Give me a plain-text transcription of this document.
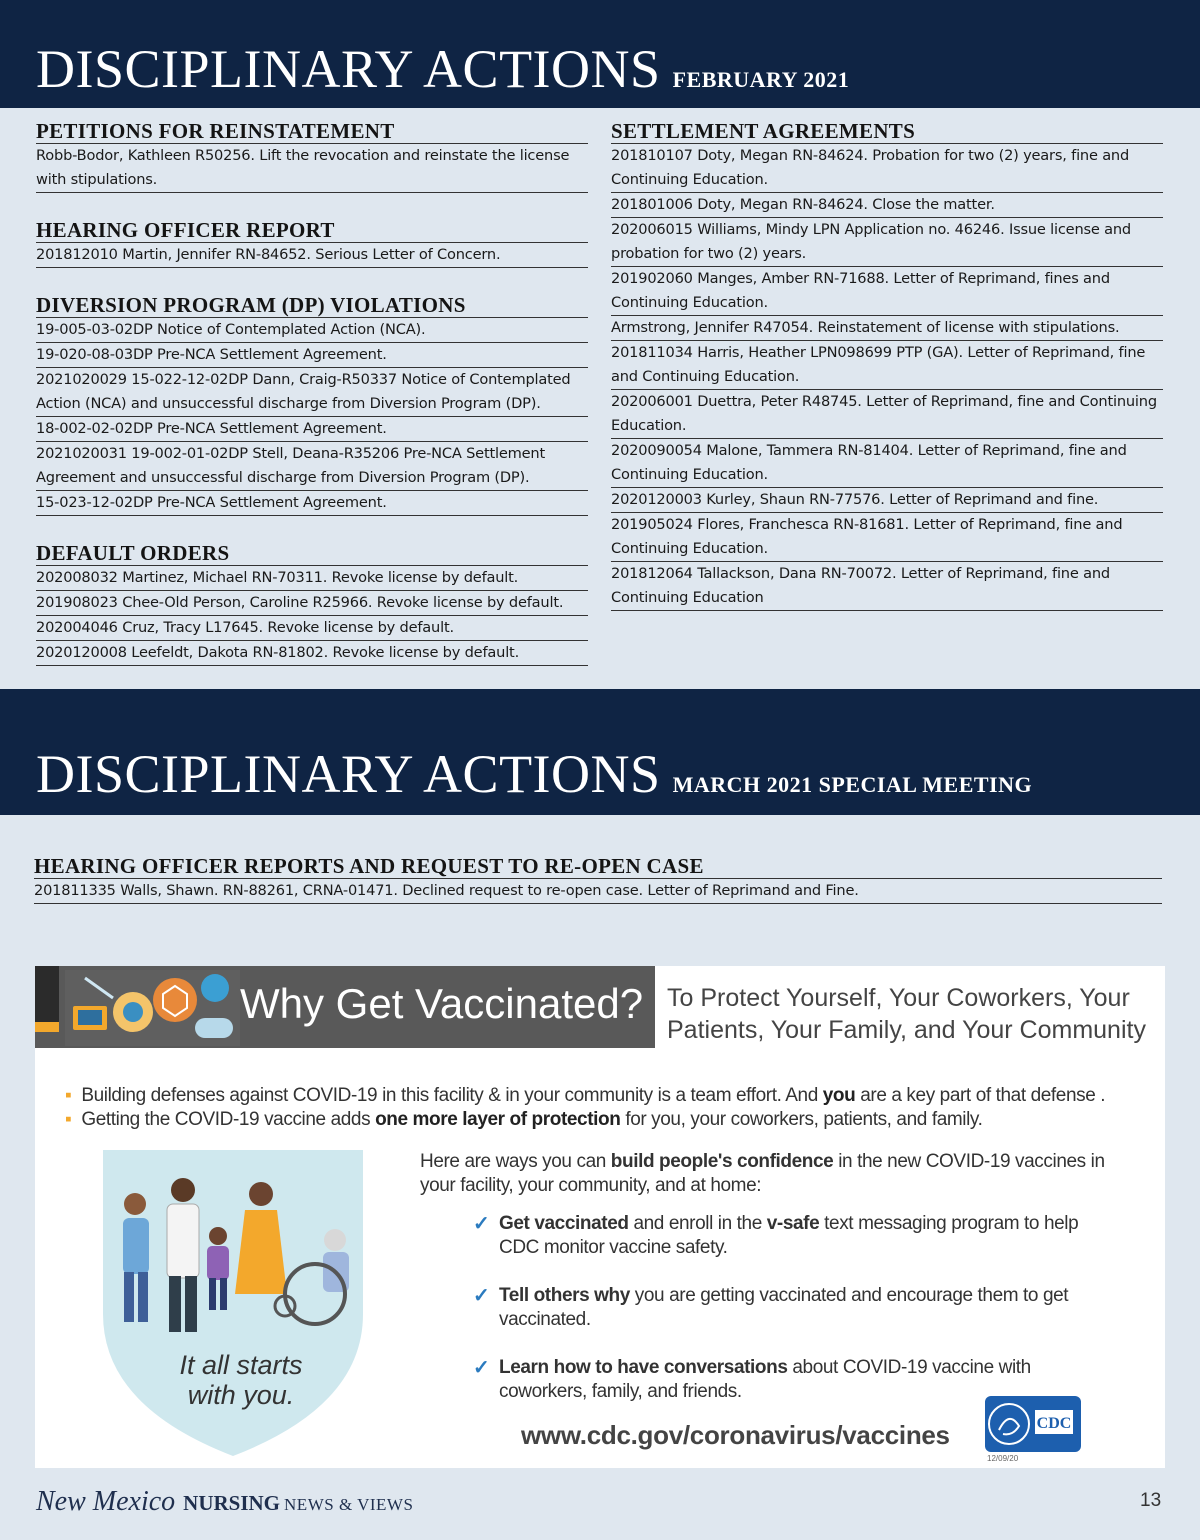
DISCIPLINARY ACTIONS FEBRUARY 2021
PETITIONS FOR REINSTATEMENT
Robb-Bodor, Kathleen R50256. Lift the revocation and reinstate the license with stipulations.
HEARING OFFICER REPORT
201812010 Martin, Jennifer RN-84652. Serious Letter of Concern.
DIVERSION PROGRAM (DP) VIOLATIONS
19-005-03-02DP Notice of Contemplated Action (NCA).
19-020-08-03DP Pre-NCA Settlement Agreement.
2021020029 15-022-12-02DP Dann, Craig-R50337 Notice of Contemplated Action (NCA) and unsuccessful discharge from Diversion Program (DP).
18-002-02-02DP Pre-NCA Settlement Agreement.
2021020031 19-002-01-02DP Stell, Deana-R35206 Pre-NCA Settlement Agreement and unsuccessful discharge from Diversion Program (DP).
15-023-12-02DP Pre-NCA Settlement Agreement.
DEFAULT ORDERS
202008032 Martinez, Michael RN-70311. Revoke license by default.
201908023 Chee-Old Person, Caroline R25966. Revoke license by default.
202004046 Cruz, Tracy L17645. Revoke license by default.
2020120008 Leefeldt, Dakota RN-81802. Revoke license by default.
SETTLEMENT AGREEMENTS
201810107 Doty, Megan RN-84624. Probation for two (2) years, fine and Continuing Education.
201801006 Doty, Megan RN-84624. Close the matter.
202006015 Williams, Mindy LPN Application no. 46246. Issue license and probation for two (2) years.
201902060 Manges, Amber RN-71688. Letter of Reprimand, fines and Continuing Education.
Armstrong, Jennifer R47054. Reinstatement of license with stipulations.
201811034 Harris, Heather LPN098699 PTP (GA). Letter of Reprimand, fine and Continuing Education.
202006001 Duettra, Peter R48745. Letter of Reprimand, fine and Continuing Education.
2020090054 Malone, Tammera RN-81404. Letter of Reprimand, fine and Continuing Education.
2020120003 Kurley, Shaun RN-77576. Letter of Reprimand and fine.
201905024 Flores, Franchesca RN-81681. Letter of Reprimand, fine and Continuing Education.
201812064 Tallackson, Dana RN-70072. Letter of Reprimand, fine and Continuing Education
DISCIPLINARY ACTIONS MARCH 2021 SPECIAL MEETING
HEARING OFFICER REPORTS AND REQUEST TO RE-OPEN CASE
201811335 Walls, Shawn. RN-88261, CRNA-01471. Declined request to re-open case. Letter of Reprimand and Fine.
Why Get Vaccinated? To Protect Yourself, Your Coworkers, Your Patients, Your Family, and Your Community
▪ Building defenses against COVID-19 in this facility & in your community is a team effort. And you are a key part of that defense .
▪ Getting the COVID-19 vaccine adds one more layer of protection for you, your coworkers, patients, and family.
Here are ways you can build people's confidence in the new COVID-19 vaccines in your facility, your community, and at home:
✓ Get vaccinated and enroll in the v-safe text messaging program to help CDC monitor vaccine safety.
✓ Tell others why you are getting vaccinated and encourage them to get vaccinated.
✓ Learn how to have conversations about COVID-19 vaccine with coworkers, family, and friends.
It all starts
with you.
www.cdc.gov/coronavirus/vaccines	CDC
12/09/20
New Mexico NURSING NEWS & VIEWS	13
